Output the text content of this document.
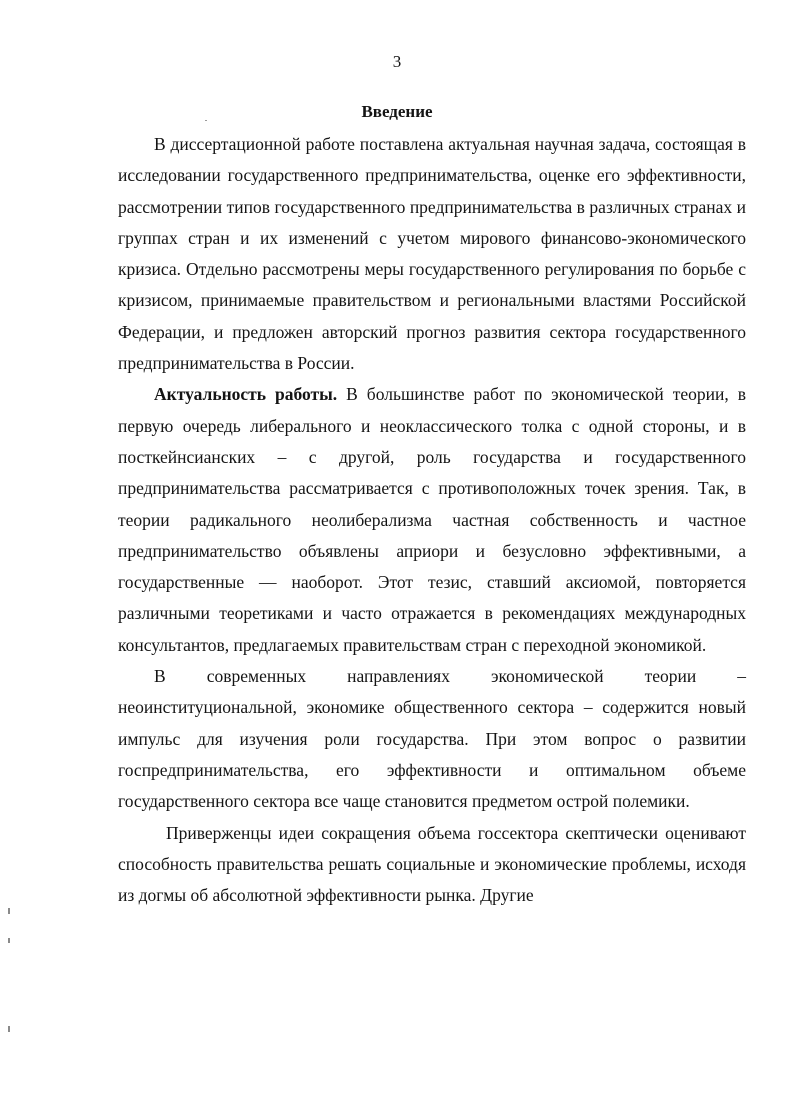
3
Введение

В диссертационной работе поставлена актуальная научная задача, состоящая в исследовании государственного предпринимательства, оценке его эффективности, рассмотрении типов государственного предпринимательства в различных странах и группах стран и их изменений с учетом мирового финансово-экономического кризиса. Отдельно рассмотрены меры государственного регулирования по борьбе с кризисом, принимаемые правительством и региональными властями Российской Федерации, и предложен авторский прогноз развития сектора государственного предпринимательства в России.

Актуальность работы. В большинстве работ по экономической теории, в первую очередь либерального и неоклассического толка с одной стороны, и в посткейнсианских – с другой, роль государства и государственного предпринимательства рассматривается с противоположных точек зрения. Так, в теории радикального неолиберализма частная собственность и частное предпринимательство объявлены априори и безусловно эффективными, а государственные — наоборот. Этот тезис, ставший аксиомой, повторяется различными теоретиками и часто отражается в рекомендациях международных консультантов, предлагаемых правительствам стран с переходной экономикой.

В современных направлениях экономической теории – неоинституциональной, экономике общественного сектора – содержится новый импульс для изучения роли государства. При этом вопрос о развитии госпредпринимательства, его эффективности и оптимальном объеме государственного сектора все чаще становится предметом острой полемики.

Приверженцы идеи сокращения объема госсектора скептически оценивают способность правительства решать социальные и экономические проблемы, исходя из догмы об абсолютной эффективности рынка. Другие
